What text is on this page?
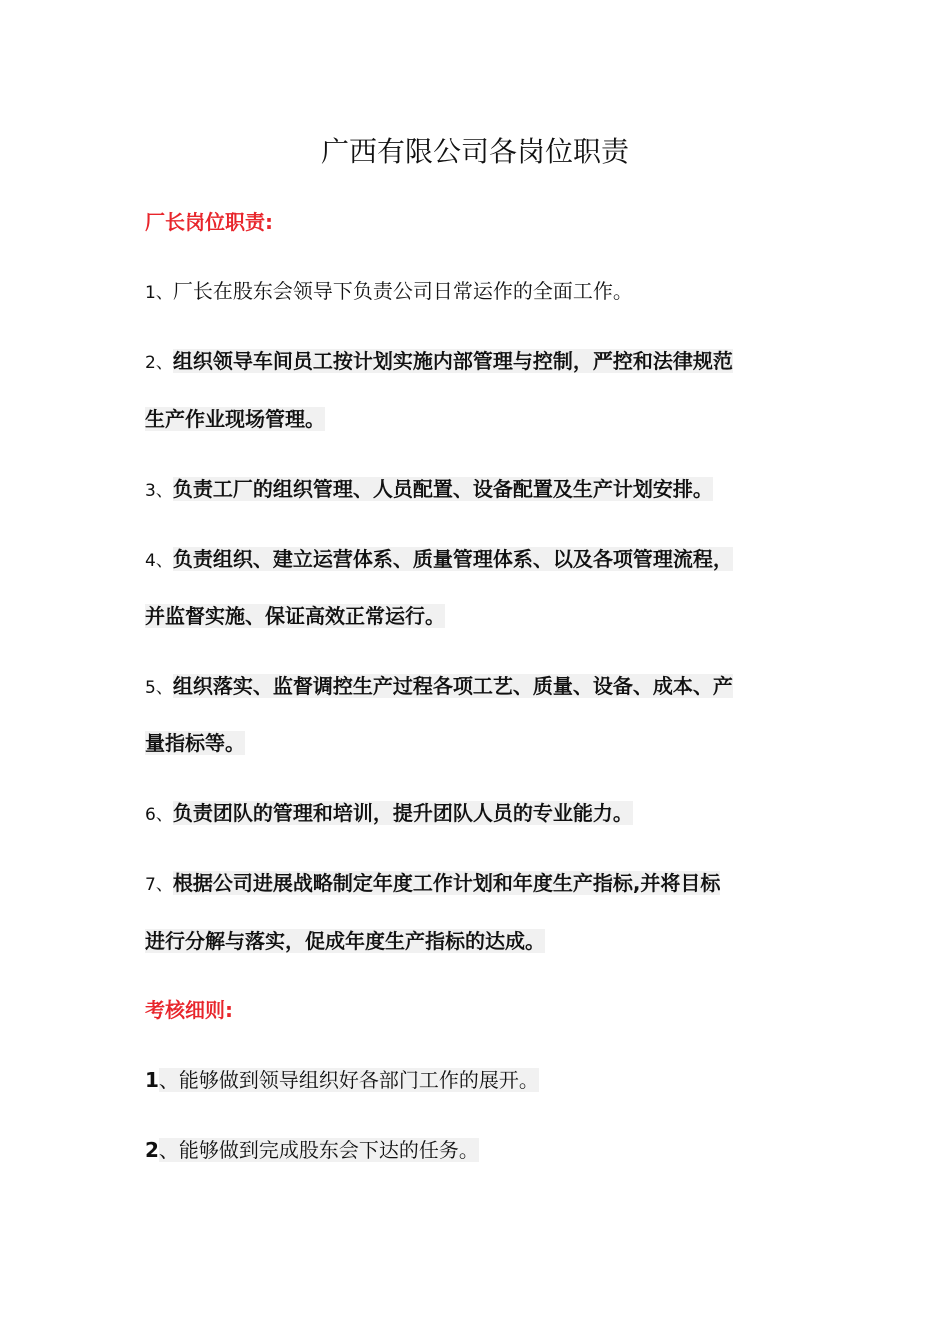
广西有限公司各岗位职责
厂长岗位职责:
1、厂长在股东会领导下负责公司日常运作的全面工作。
2、组织领导车间员工按计划实施内部管理与控制，严控和法律规范
生产作业现场管理。
3、负责工厂的组织管理、人员配置、设备配置及生产计划安排。
4、负责组织、建立运营体系、质量管理体系、以及各项管理流程，
并监督实施、保证高效正常运行。
5、组织落实、监督调控生产过程各项工艺、质量、设备、成本、产
量指标等。
6、负责团队的管理和培训，提升团队人员的专业能力。
7、根据公司进展战略制定年度工作计划和年度生产指标,并将目标
进行分解与落实，促成年度生产指标的达成。
考核细则:
1、能够做到领导组织好各部门工作的展开。
2、能够做到完成股东会下达的任务。
